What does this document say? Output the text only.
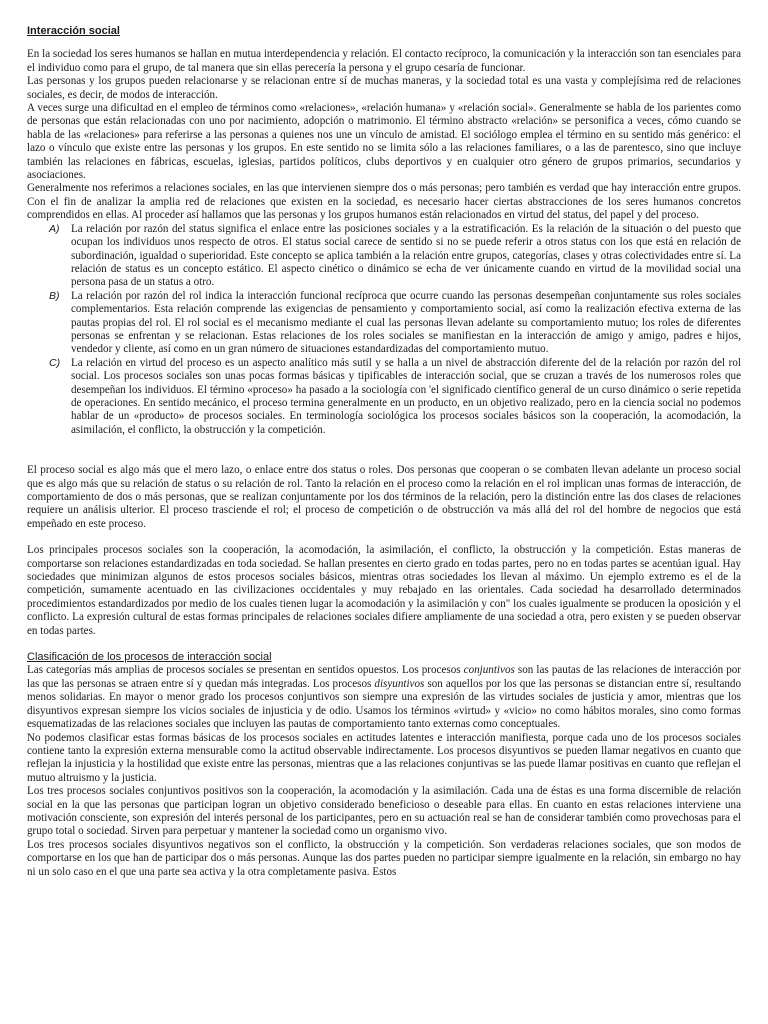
Interacción social

En la sociedad los seres humanos se hallan en mutua interdependencia y relación. El contacto recíproco, la comunicación y la interacción son tan esenciales para el individuo como para el grupo, de tal manera que sin ellas perecería la persona y el grupo cesaría de funcionar.

Las personas y los grupos pueden relacionarse y se relacionan entre sí de muchas maneras, y la sociedad total es una vasta y complejísima red de relaciones sociales, es decir, de modos de interacción.

A veces surge una dificultad en el empleo de términos como «relaciones», «relación humana» y «relación social». Generalmente se habla de los parientes como de personas que están relacionadas con uno por nacimiento, adopción o matrimonio. El término abstracto «relación» se personifica a veces, cómo cuando se habla de las «relaciones» para referirse a las personas a quienes nos une un vínculo de amistad. El sociólogo emplea el término en su sentido más genérico: el lazo o vínculo que existe entre las personas y los grupos. En este sentido no se limita sólo a las relaciones familiares, o a las de parentesco, sino que incluye también las relaciones en fábricas, escuelas, iglesias, partidos políticos, clubs deportivos y en cualquier otro género de grupos primarios, secundarios y asociaciones.

Generalmente nos referimos a relaciones sociales, en las que intervienen siempre dos o más personas; pero también es verdad que hay interacción entre grupos. Con el fin de analizar la amplia red de relaciones que existen en la sociedad, es necesario hacer ciertas abstracciones de los seres humanos concretos comprendidos en ellas. Al proceder así hallamos que las personas y los grupos humanos están relacionados en virtud del status, del papel y del proceso.

A)	La relación por razón del status significa el enlace entre las posiciones sociales y a la estratificación. Es la relación de la situación o del puesto que ocupan los individuos unos respecto de otros. El status social carece de sentido si no se puede referir a otros status con los que está en relación de subordinación, igualdad o superioridad. Este concepto se aplica también a la relación entre grupos, categorías, clases y otras colectividades entre sí. La relación de status es un concepto estático. El aspecto cinético o dinámico se echa de ver únicamente cuando en virtud de la movilidad social una persona pasa de un status a otro.
B)	La relación por razón del rol indica la interacción funcional recíproca que ocurre cuando las personas desempeñan conjuntamente sus roles sociales complementarios. Esta relación comprende las exigencias de pensamiento y comportamiento social, así como la realización efectiva externa de las pautas propias del rol. El rol social es el mecanismo mediante el cual las personas llevan adelante su comportamiento mutuo; los roles de diferentes personas se enfrentan y se relacionan. Estas relaciones de los roles sociales se manifiestan en la interacción de amigo y amigo, padres e hijos, vendedor y cliente, así como en un gran número de situaciones estandardizadas del comportamiento mutuo.
C) La relación en virtud del proceso es un aspecto analítico más sutil y se halla a un nivel de abstracción diferente del de la relación por razón del rol social. Los procesos sociales son unas pocas formas básicas y tipificables de interacción social, que se cruzan a través de los numerosos roles que desempeñan los individuos. El término «proceso» ha pasado a la sociología con 'el significado científico general de un curso dinámico o serie repetida de operaciones. En sentido mecánico, el proceso termina generalmente en un producto, en un objetivo realizado, pero en la ciencia social no podemos hablar de un «producto» de procesos sociales. En terminología sociológica los procesos sociales básicos son la cooperación, la acomodación, la asimilación, el conflicto, la obstrucción y la competición.

El proceso social es algo más que el mero lazo, o enlace entre dos status o roles. Dos personas que cooperan o se combaten llevan adelante un proceso social que es algo más que su relación de status o su relación de rol. Tanto la relación en el proceso como la relación en el rol implican unas formas de interacción, de comportamiento de dos o más personas, que se realizan conjuntamente por los dos términos de la relación, pero la distinción entre las dos clases de relaciones requiere un análisis ulterior. El proceso trasciende el rol; el proceso de competición o de obstrucción va más allá del rol del hombre de negocios que está empeñado en este proceso.

Los principales procesos sociales son la cooperación, la acomodación, la asimilación, el conflicto, la obstrucción y la competición. Estas maneras de comportarse son relaciones estandardizadas en toda sociedad. Se hallan presentes en cierto grado en todas partes, pero no en todas partes se acentúan igual. Hay sociedades que minimizan algunos de estos procesos sociales básicos, mientras otras sociedades los llevan al máximo. Un ejemplo extremo es el de la competición, sumamente acentuado en las civilizaciones occidentales y muy rebajado en las orientales. Cada sociedad ha desarrollado determinados procedimientos estandardizados por medio de los cuales tienen lugar la acomodación y la asimilación y con" los cuales igualmente se producen la oposición y el conflicto. La expresión cultural de estas formas principales de relaciones sociales difiere ampliamente de una sociedad a otra, pero existen y se pueden observar en todas partes.

Clasificación de los procesos de interacción social

Las categorías más amplias de procesos sociales se presentan en sentidos opuestos. Los procesos conjuntivos son las pautas de las relaciones de interacción por las que las personas se atraen entre sí y quedan más integradas. Los procesos disyuntivos son aquellos por los que las personas se distancian entre sí, resultando menos solidarias. En mayor o menor grado los procesos conjuntivos son siempre una expresión de las virtudes sociales de justicia y amor, mientras que los disyuntivos expresan siempre los vicios sociales de injusticia y de odio. Usamos los términos «virtud» y «vicio» no como hábitos morales, sino como formas esquematizadas de las relaciones sociales que incluyen las pautas de comportamiento tanto externas como conceptuales.

No podemos clasificar estas formas básicas de los procesos sociales en actitudes latentes e interacción manifiesta, porque cada uno de los procesos sociales contiene tanto la expresión externa mensurable como la actitud observable indirectamente. Los procesos disyuntivos se pueden llamar negativos en cuanto que reflejan la injusticia y la hostilidad que existe entre las personas, mientras que a las relaciones conjuntivas se las puede llamar positivas en cuanto que reflejan el mutuo altruismo y la justicia.

Los tres procesos sociales conjuntivos positivos son la cooperación, la acomodación y la asimilación. Cada una de éstas es una forma discernible de relación social en la que las personas que participan logran un objetivo considerado beneficioso o deseable para ellas. En cuanto en estas relaciones interviene una motivación consciente, son expresión del interés personal de los participantes, pero en su actuación real se han de considerar también como provechosas para el grupo total o sociedad. Sirven para perpetuar y mantener la sociedad como un organismo vivo.

Los tres procesos sociales disyuntivos negativos son el conflicto, la obstrucción y la competición. Son verdaderas relaciones sociales, que son modos de comportarse en los que han de participar dos o más personas. Aunque las dos partes pueden no participar siempre igualmente en la relación, sin embargo no hay ni un solo caso en el que una parte sea activa y la otra completamente pasiva. Estos
